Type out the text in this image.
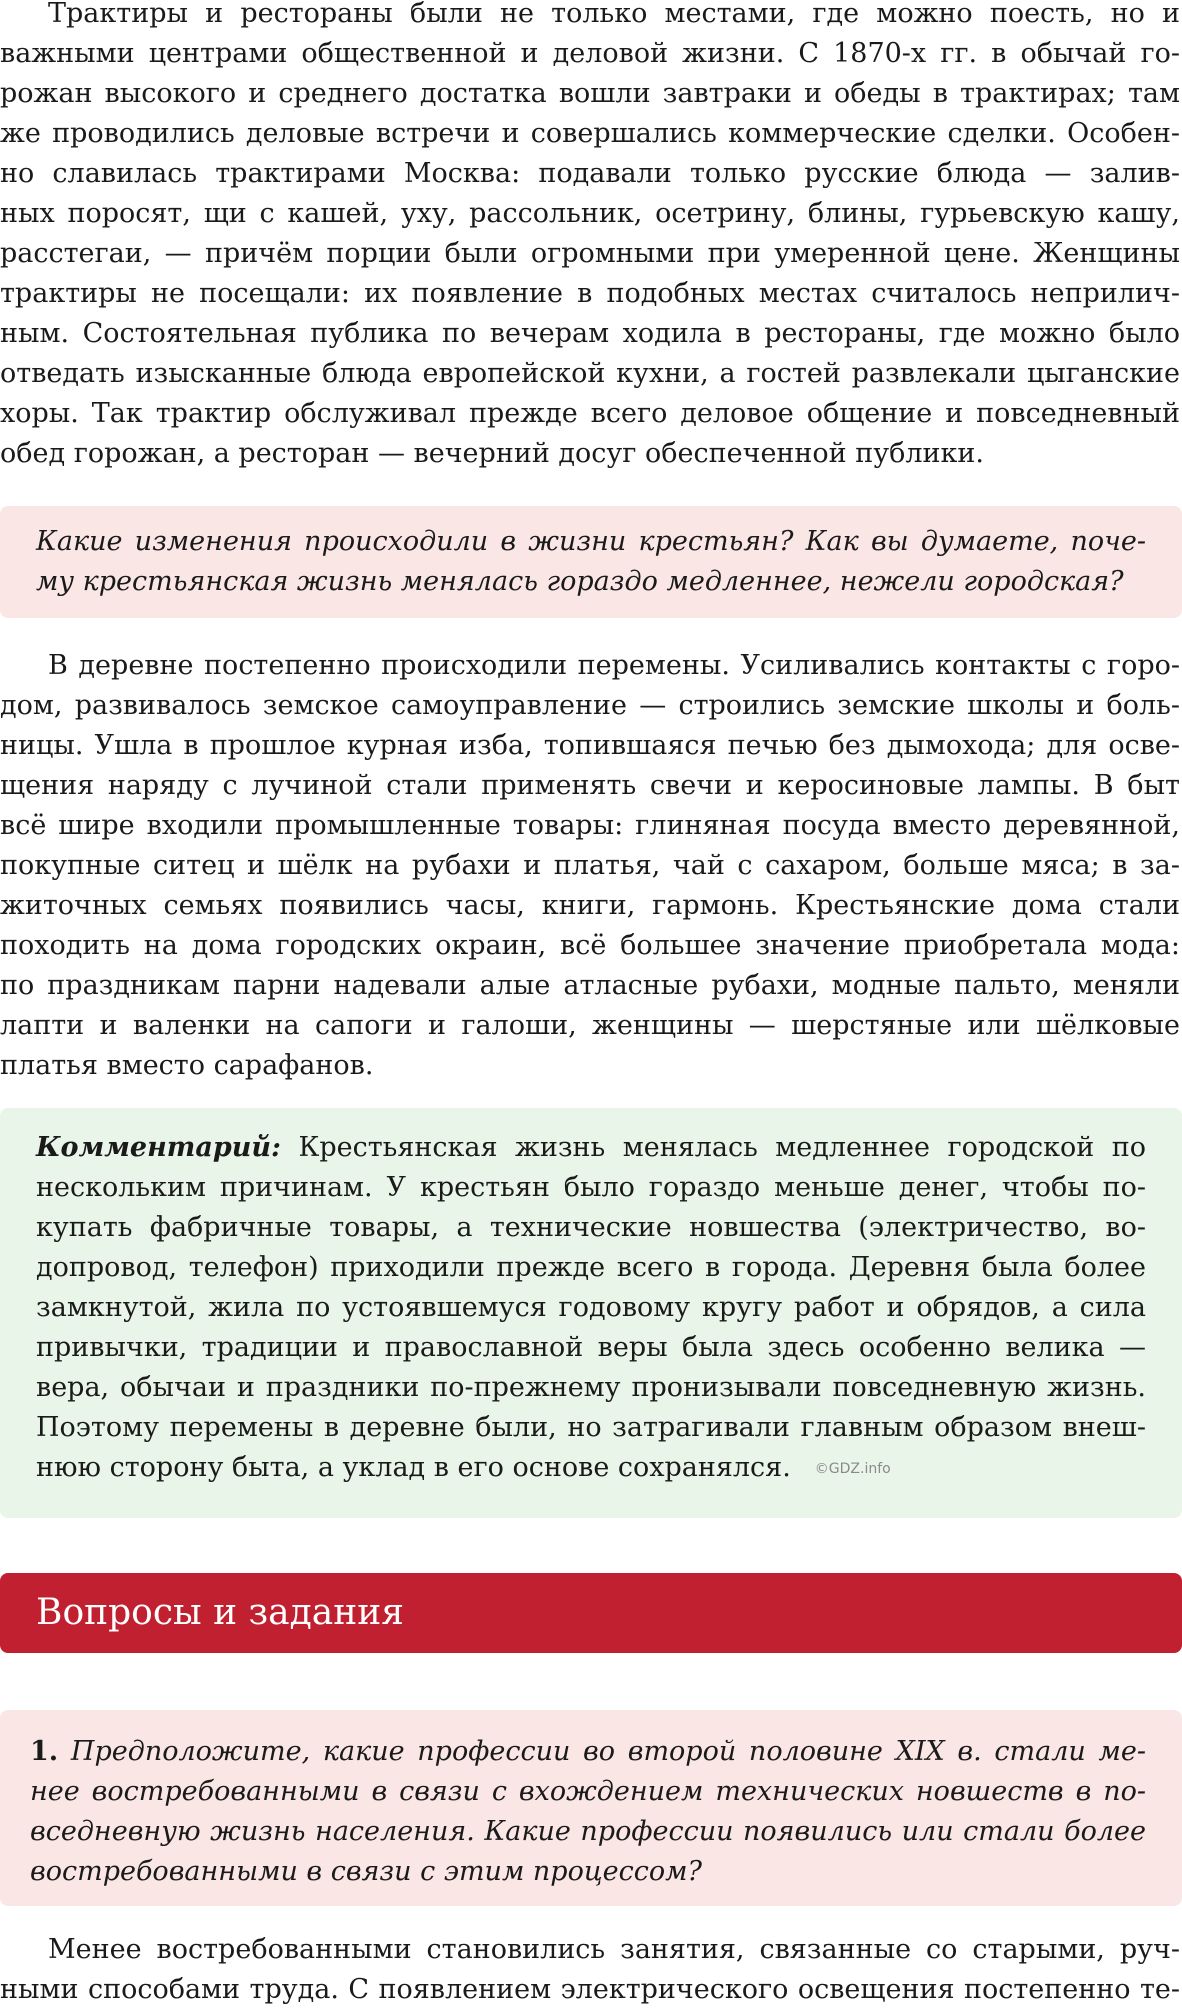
Трактиры и рестораны были не только местами, где можно поесть, но и
важными центрами общественной и деловой жизни. С 1870-х гг. в обычай го-
рожан высокого и среднего достатка вошли завтраки и обеды в трактирах; там
же проводились деловые встречи и совершались коммерческие сделки. Особен-
но славилась трактирами Москва: подавали только русские блюда — залив-
ных поросят, щи с кашей, уху, рассольник, осетрину, блины, гурьевскую кашу,
расстегаи, — причём порции были огромными при умеренной цене. Женщины
трактиры не посещали: их появление в подобных местах считалось неприлич-
ным. Состоятельная публика по вечерам ходила в рестораны, где можно было
отведать изысканные блюда европейской кухни, а гостей развлекали цыганские
хоры. Так трактир обслуживал прежде всего деловое общение и повседневный
обед горожан, а ресторан — вечерний досуг обеспеченной публики.
Какие изменения происходили в жизни крестьян? Как вы думаете, поче-
му крестьянская жизнь менялась гораздо медленнее, нежели городская?
В деревне постепенно происходили перемены. Усиливались контакты с горо-
дом, развивалось земское самоуправление — строились земские школы и боль-
ницы. Ушла в прошлое курная изба, топившаяся печью без дымохода; для осве-
щения наряду с лучиной стали применять свечи и керосиновые лампы. В быт
всё шире входили промышленные товары: глиняная посуда вместо деревянной,
покупные ситец и шёлк на рубахи и платья, чай с сахаром, больше мяса; в за-
житочных семьях появились часы, книги, гармонь. Крестьянские дома стали
походить на дома городских окраин, всё большее значение приобретала мода:
по праздникам парни надевали алые атласные рубахи, модные пальто, меняли
лапти и валенки на сапоги и галоши, женщины — шерстяные или шёлковые
платья вместо сарафанов.
Комментарий: Крестьянская жизнь менялась медленнее городской по
нескольким причинам. У крестьян было гораздо меньше денег, чтобы по-
купать фабричные товары, а технические новшества (электричество, во-
допровод, телефон) приходили прежде всего в города. Деревня была более
замкнутой, жила по устоявшемуся годовому кругу работ и обрядов, а сила
привычки, традиции и православной веры была здесь особенно велика —
вера, обычаи и праздники по-прежнему пронизывали повседневную жизнь.
Поэтому перемены в деревне были, но затрагивали главным образом внеш-
нюю сторону быта, а уклад в его основе сохранялся. ©GDZ.info
Вопросы и задания
1. Предположите, какие профессии во второй половине XIX в. стали ме-
нее востребованными в связи с вхождением технических новшеств в по-
вседневную жизнь населения. Какие профессии появились или стали более
востребованными в связи с этим процессом?
Менее востребованными становились занятия, связанные со старыми, руч-
ными способами труда. С появлением электрического освещения постепенно те-
